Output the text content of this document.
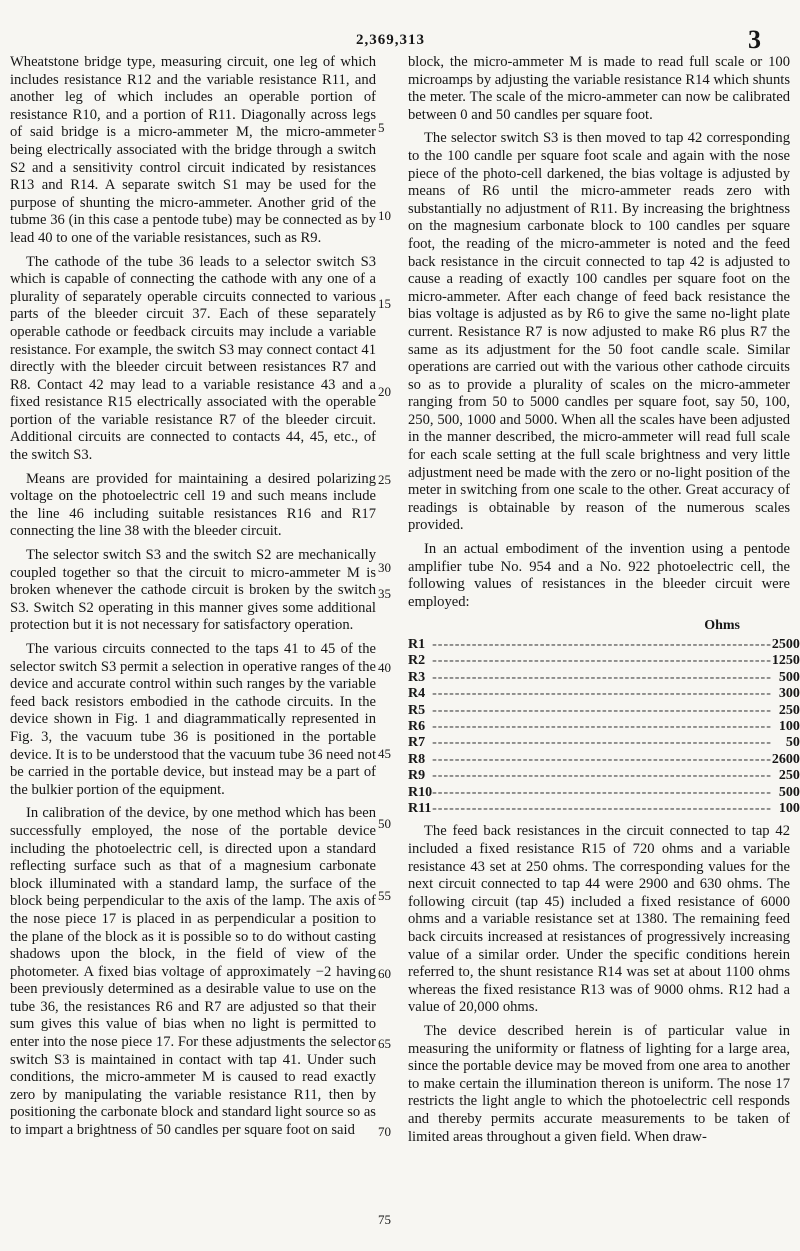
2,369,313	3

Wheatstone bridge type, measuring circuit, one leg of which includes resistance R12 and the variable resistance R11, and another leg of which includes an operable portion of resistance R10, and a portion of R11. Diagonally across legs of said bridge is a micro-ammeter M, the micro-ammeter being electrically associated with the bridge through a switch S2 and a sensitivity control circuit indicated by resistances R13 and R14. A separate switch S1 may be used for the purpose of shunting the micro-ammeter. Another grid of the tubme 36 (in this case a pentode tube) may be connected as by lead 40 to one of the variable resistances, such as R9.

The cathode of the tube 36 leads to a selector switch S3 which is capable of connecting the cathode with any one of a plurality of separately operable circuits connected to various parts of the bleeder circuit 37. Each of these separately operable cathode or feedback circuits may include a variable resistance. For example, the switch S3 may connect contact 41 directly with the bleeder circuit between resistances R7 and R8. Contact 42 may lead to a variable resistance 43 and a fixed resistance R15 electrically associated with the operable portion of the variable resistance R7 of the bleeder circuit. Additional circuits are connected to contacts 44, 45, etc., of the switch S3.

Means are provided for maintaining a desired polarizing voltage on the photoelectric cell 19 and such means include the line 46 including suitable resistances R16 and R17 connecting the line 38 with the bleeder circuit.

The selector switch S3 and the switch S2 are mechanically coupled together so that the circuit to micro-ammeter M is broken whenever the cathode circuit is broken by the switch S3. Switch S2 operating in this manner gives some additional protection but it is not necessary for satisfactory operation.

The various circuits connected to the taps 41 to 45 of the selector switch S3 permit a selection in operative ranges of the device and accurate control within such ranges by the variable feed back resistors embodied in the cathode circuits. In the device shown in Fig. 1 and diagrammatically represented in Fig. 3, the vacuum tube 36 is positioned in the portable device. It is to be understood that the vacuum tube 36 need not be carried in the portable device, but instead may be a part of the bulkier portion of the equipment.

In calibration of the device, by one method which has been successfully employed, the nose of the portable device including the photoelectric cell, is directed upon a standard reflecting surface such as that of a magnesium carbonate block illuminated with a standard lamp, the surface of the block being perpendicular to the axis of the lamp. The axis of the nose piece 17 is placed in as perpendicular a position to the plane of the block as it is possible so to do without casting shadows upon the block, in the field of view of the photometer. A fixed bias voltage of approximately −2 having been previously determined as a desirable value to use on the tube 36, the resistances R6 and R7 are adjusted so that their sum gives this value of bias when no light is permitted to enter into the nose piece 17. For these adjustments the selector switch S3 is maintained in contact with tap 41. Under such conditions, the micro-ammeter M is caused to read exactly zero by manipulating the variable resistance R11, then by positioning the carbonate block and standard light source so as to impart a brightness of 50 candles per square foot on said

5
10
15
20
25
30
35
40
45
50
55
60
65
70
75

block, the micro-ammeter M is made to read full scale or 100 microamps by adjusting the variable resistance R14 which shunts the meter. The scale of the micro-ammeter can now be calibrated between 0 and 50 candles per square foot.

The selector switch S3 is then moved to tap 42 corresponding to the 100 candle per square foot scale and again with the nose piece of the photo-cell darkened, the bias voltage is adjusted by means of R6 until the micro-ammeter reads zero with substantially no adjustment of R11. By increasing the brightness on the magnesium carbonate block to 100 candles per square foot, the reading of the micro-ammeter is noted and the feed back resistance in the circuit connected to tap 42 is adjusted to cause a reading of exactly 100 candles per square foot on the micro-ammeter. After each change of feed back resistance the bias voltage is adjusted as by R6 to give the same no-light plate current. Resistance R7 is now adjusted to make R6 plus R7 the same as its adjustment for the 50 foot candle scale. Similar operations are carried out with the various other cathode circuits so as to provide a plurality of scales on the micro-ammeter ranging from 50 to 5000 candles per square foot, say 50, 100, 250, 500, 1000 and 5000. When all the scales have been adjusted in the manner described, the micro-ammeter will read full scale for each scale setting at the full scale brightness and very little adjustment need be made with the zero or no-light position of the meter in switching from one scale to the other. Great accuracy of readings is obtainable by reason of the numerous scales provided.

In an actual embodiment of the invention using a pentode amplifier tube No. 954 and a No. 922 photoelectric cell, the following values of resistances in the bleeder circuit were employed:

Ohms
R1	------------------------------------------------------------	2500
R2	------------------------------------------------------------	1250
R3	------------------------------------------------------------	500
R4	------------------------------------------------------------	300
R5	------------------------------------------------------------	250
R6	------------------------------------------------------------	100
R7	------------------------------------------------------------	50
R8	------------------------------------------------------------	2600
R9	------------------------------------------------------------	250
R10	------------------------------------------------------------	500
R11	------------------------------------------------------------	100

The feed back resistances in the circuit connected to tap 42 included a fixed resistance R15 of 720 ohms and a variable resistance 43 set at 250 ohms. The corresponding values for the next circuit connected to tap 44 were 2900 and 630 ohms. The following circuit (tap 45) included a fixed resistance of 6000 ohms and a variable resistance set at 1380. The remaining feed back circuits increased at resistances of progressively increasing value of a similar order. Under the specific conditions herein referred to, the shunt resistance R14 was set at about 1100 ohms whereas the fixed resistance R13 was of 9000 ohms. R12 had a value of 20,000 ohms.

The device described herein is of particular value in measuring the uniformity or flatness of lighting for a large area, since the portable device may be moved from one area to another to make certain the illumination thereon is uniform. The nose 17 restricts the light angle to which the photoelectric cell responds and thereby permits accurate measurements to be taken of limited areas throughout a given field. When draw-
